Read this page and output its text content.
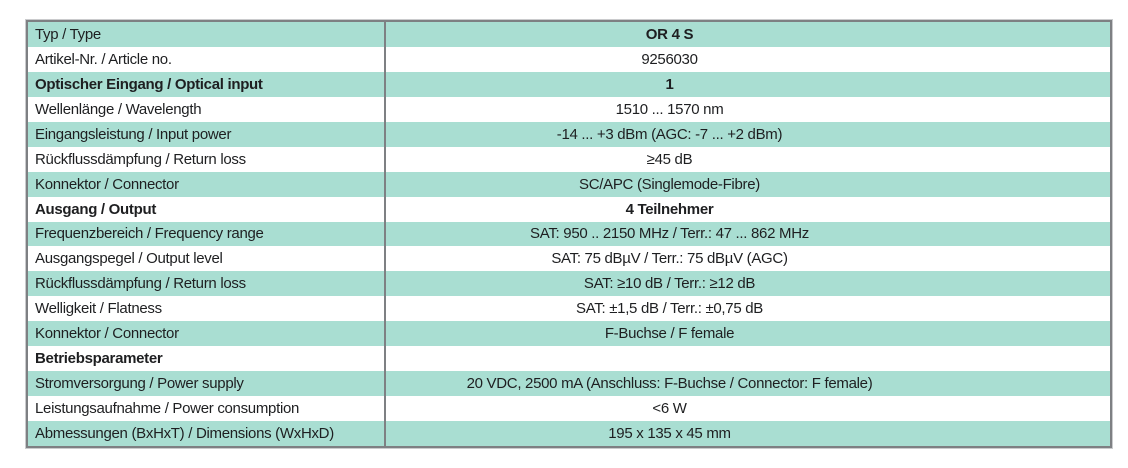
Typ / Type	OR 4 S
Artikel-Nr. / Article no.	9256030
Optischer Eingang / Optical input	1
Wellenlänge / Wavelength	1510 ... 1570 nm
Eingangsleistung / Input power	-14 ... +3 dBm (AGC: -7 ... +2 dBm)
Rückflussdämpfung / Return loss	≥45 dB
Konnektor / Connector	SC/APC (Singlemode-Fibre)
Ausgang / Output	4 Teilnehmer
Frequenzbereich / Frequency range	SAT: 950 .. 2150 MHz / Terr.: 47 ... 862 MHz
Ausgangspegel / Output level	SAT: 75 dBµV / Terr.: 75 dBµV (AGC)
Rückflussdämpfung / Return loss	SAT: ≥10 dB / Terr.: ≥12 dB
Welligkeit / Flatness	SAT: ±1,5 dB / Terr.: ±0,75 dB
Konnektor / Connector	F-Buchse / F female
Betriebsparameter
Stromversorgung / Power supply	20 VDC, 2500 mA (Anschluss: F-Buchse / Connector: F female)
Leistungsaufnahme / Power consumption	<6 W
Abmessungen (BxHxT) / Dimensions (WxHxD)	195 x 135 x 45 mm
